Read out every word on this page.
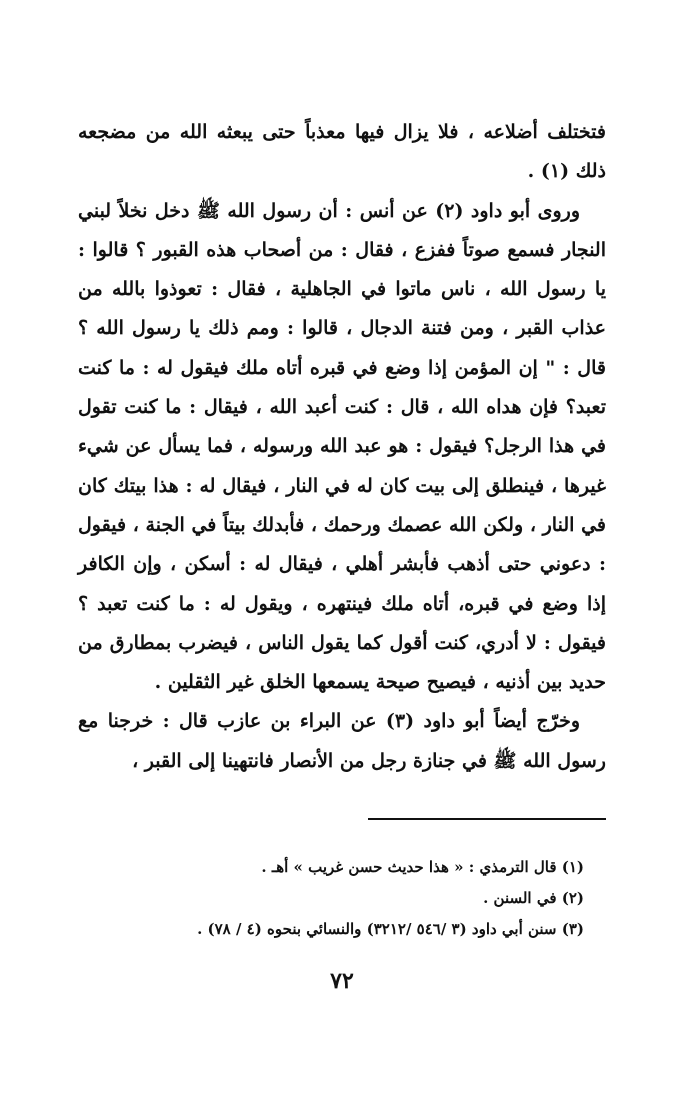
فتختلف أضلاعه ، فلا يزال فيها معذباً حتى يبعثه الله من مضجعه ذلك (١) .

وروى أبو داود (٢) عن أنس : أن رسول الله ﷺ دخل نخلاً لبني النجار فسمع صوتاً ففزع ، فقال : من أصحاب هذه القبور ؟ قالوا : يا رسول الله ، ناس ماتوا في الجاهلية ، فقال : تعوذوا بالله من عذاب القبر ، ومن فتنة الدجال ، قالوا : ومم ذلك يا رسول الله ؟ قال : " إن المؤمن إذا وضع في قبره أتاه ملك فيقول له : ما كنت تعبد؟ فإن هداه الله ، قال : كنت أعبد الله ، فيقال : ما كنت تقول في هذا الرجل؟ فيقول : هو عبد الله ورسوله ، فما يسأل عن شيء غيرها ، فينطلق إلى بيت كان له في النار ، فيقال له : هذا بيتك كان في النار ، ولكن الله عصمك ورحمك ، فأبدلك بيتاً في الجنة ، فيقول : دعوني حتى أذهب فأبشر أهلي ، فيقال له : أسكن ، وإن الكافر إذا وضع في قبره، أتاه ملك فينتهره ، ويقول له : ما كنت تعبد ؟ فيقول : لا أدري، كنت أقول كما يقول الناس ، فيضرب بمطارق من حديد بين أذنيه ، فيصيح صيحة يسمعها الخلق غير الثقلين .

وخرّج أيضاً أبو داود (٣) عن البراء بن عازب قال : خرجنا مع رسول الله ﷺ في جنازة رجل من الأنصار فانتهينا إلى القبر ،

(١) قال الترمذي : « هذا حديث حسن غريب » أهـ .

(٢) في السنن .

(٣) سنن أبي داود (٣ /٥٤٦ /٣٢١٢) والنسائي بنحوه (٤ / ٧٨) .

٧٢
